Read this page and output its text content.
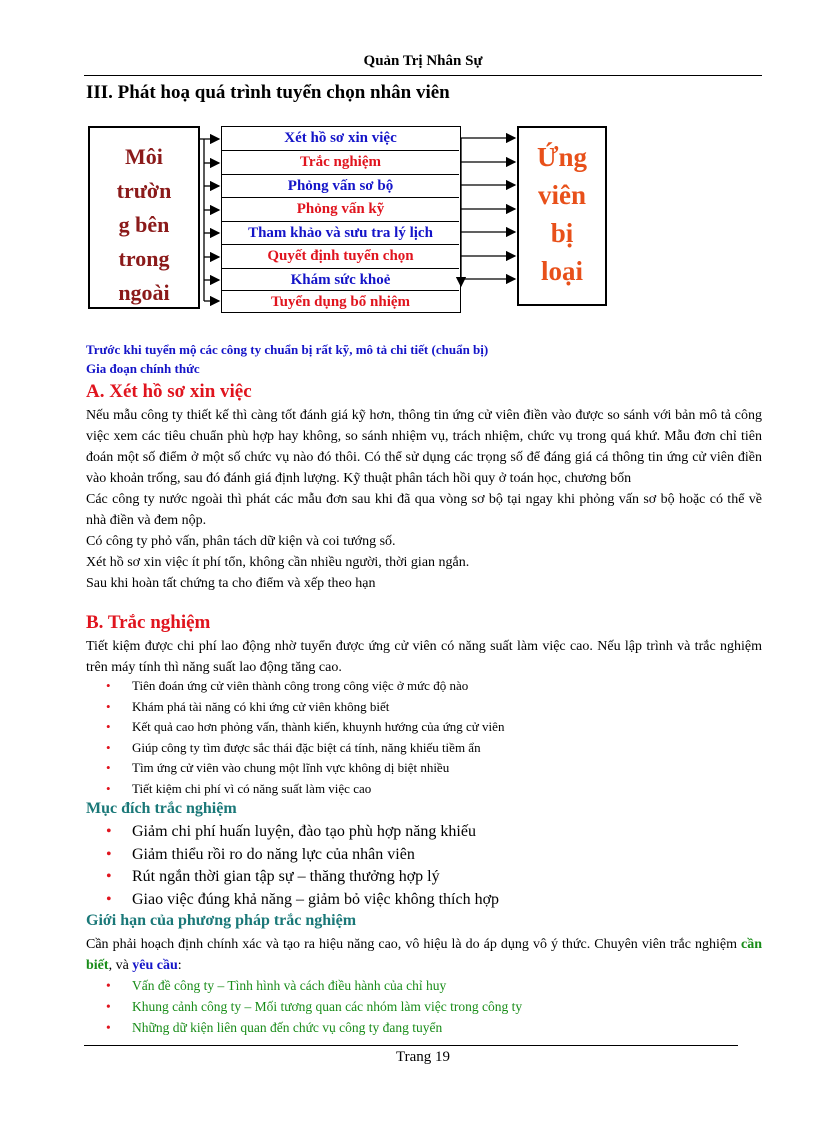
Quản Trị Nhân Sự
III. Phát hoạ quá trình tuyển chọn nhân viên
Môi
trườn
g bên
trong
ngoài
Xét hồ sơ xin việc
Trắc nghiệm
Phỏng vấn sơ bộ
Phỏng vấn kỹ
Tham khảo và sưu tra lý lịch
Quyết định tuyển chọn
Khám sức khoẻ
Tuyển dụng bổ nhiệm
Ứng
viên
bị
loại
Trước khi tuyển mộ các công ty chuẩn bị rất kỹ, mô tả chi tiết (chuẩn bị)
Gia đoạn chính thức
A. Xét hồ sơ xin việc

Nếu mẫu công ty thiết kế thì càng tốt đánh giá kỹ hơn, thông tin ứng cử viên điền vào được so sánh với bản mô tả công việc xem các tiêu chuẩn phù hợp hay không, so sánh nhiệm vụ, trách nhiệm, chức vụ trong quá khứ. Mẫu đơn chỉ tiên đoán một số điểm ở một số chức vụ nào đó thôi. Có thể sử dụng các trọng số để đáng giá cá thông tin ứng cử viên điền vào khoản trống, sau đó đánh giá định lượng. Kỹ thuật phân tách hồi quy ở toán học, chương bốn

Các công ty nước ngoài thì phát các mẫu đơn sau khi đã qua vòng sơ bộ tại ngay khi phỏng vấn sơ bộ hoặc có thể về nhà điền và đem nộp.

Có công ty phỏ vấn, phân tách dữ kiện và coi tướng số.

Xét hồ sơ xin việc ít phí tổn, không cần nhiều người, thời gian ngắn.

Sau khi hoàn tất chứng ta cho điểm và xếp theo hạn

B. Trắc nghiệm

Tiết kiệm được chi phí lao động nhờ tuyển được ứng cử viên có năng suất làm việc cao. Nếu lập trình và trắc nghiệm trên máy tính thì năng suất lao động tăng cao.

• Tiên đoán ứng cử viên thành công trong công việc ở mức độ nào
• Khám phá tài năng có khi ứng cử viên không biết
• Kết quả cao hơn phỏng vấn, thành kiến, khuynh hướng của ứng cử viên
• Giúp công ty tìm được sắc thái đặc biệt cá tính, năng khiếu tiềm ẩn
• Tìm ứng cử viên vào chung một lĩnh vực không dị biệt nhiều
• Tiết kiệm chi phí vì có năng suất làm việc cao
Mục đích trắc nghiệm
• Giảm chi phí huấn luyện, đào tạo phù hợp năng khiếu
• Giảm thiểu rồi ro do năng lực của nhân viên
• Rút ngắn thời gian tập sự – thăng thưởng hợp lý
• Giao việc đúng khả năng – giảm bỏ việc không thích hợp
Giới hạn của phương pháp trắc nghiệm

Cần phải hoạch định chính xác và tạo ra hiệu năng cao, vô hiệu là do áp dụng vô ý thức. Chuyên viên trắc nghiệm cần biết, và yêu cầu:

• Vấn đề công ty – Tình hình và cách điều hành của chỉ huy
• Khung cảnh công ty – Mối tương quan các nhóm làm việc trong công ty
• Những dữ kiện liên quan đến chức vụ công ty đang tuyển
Trang 19
